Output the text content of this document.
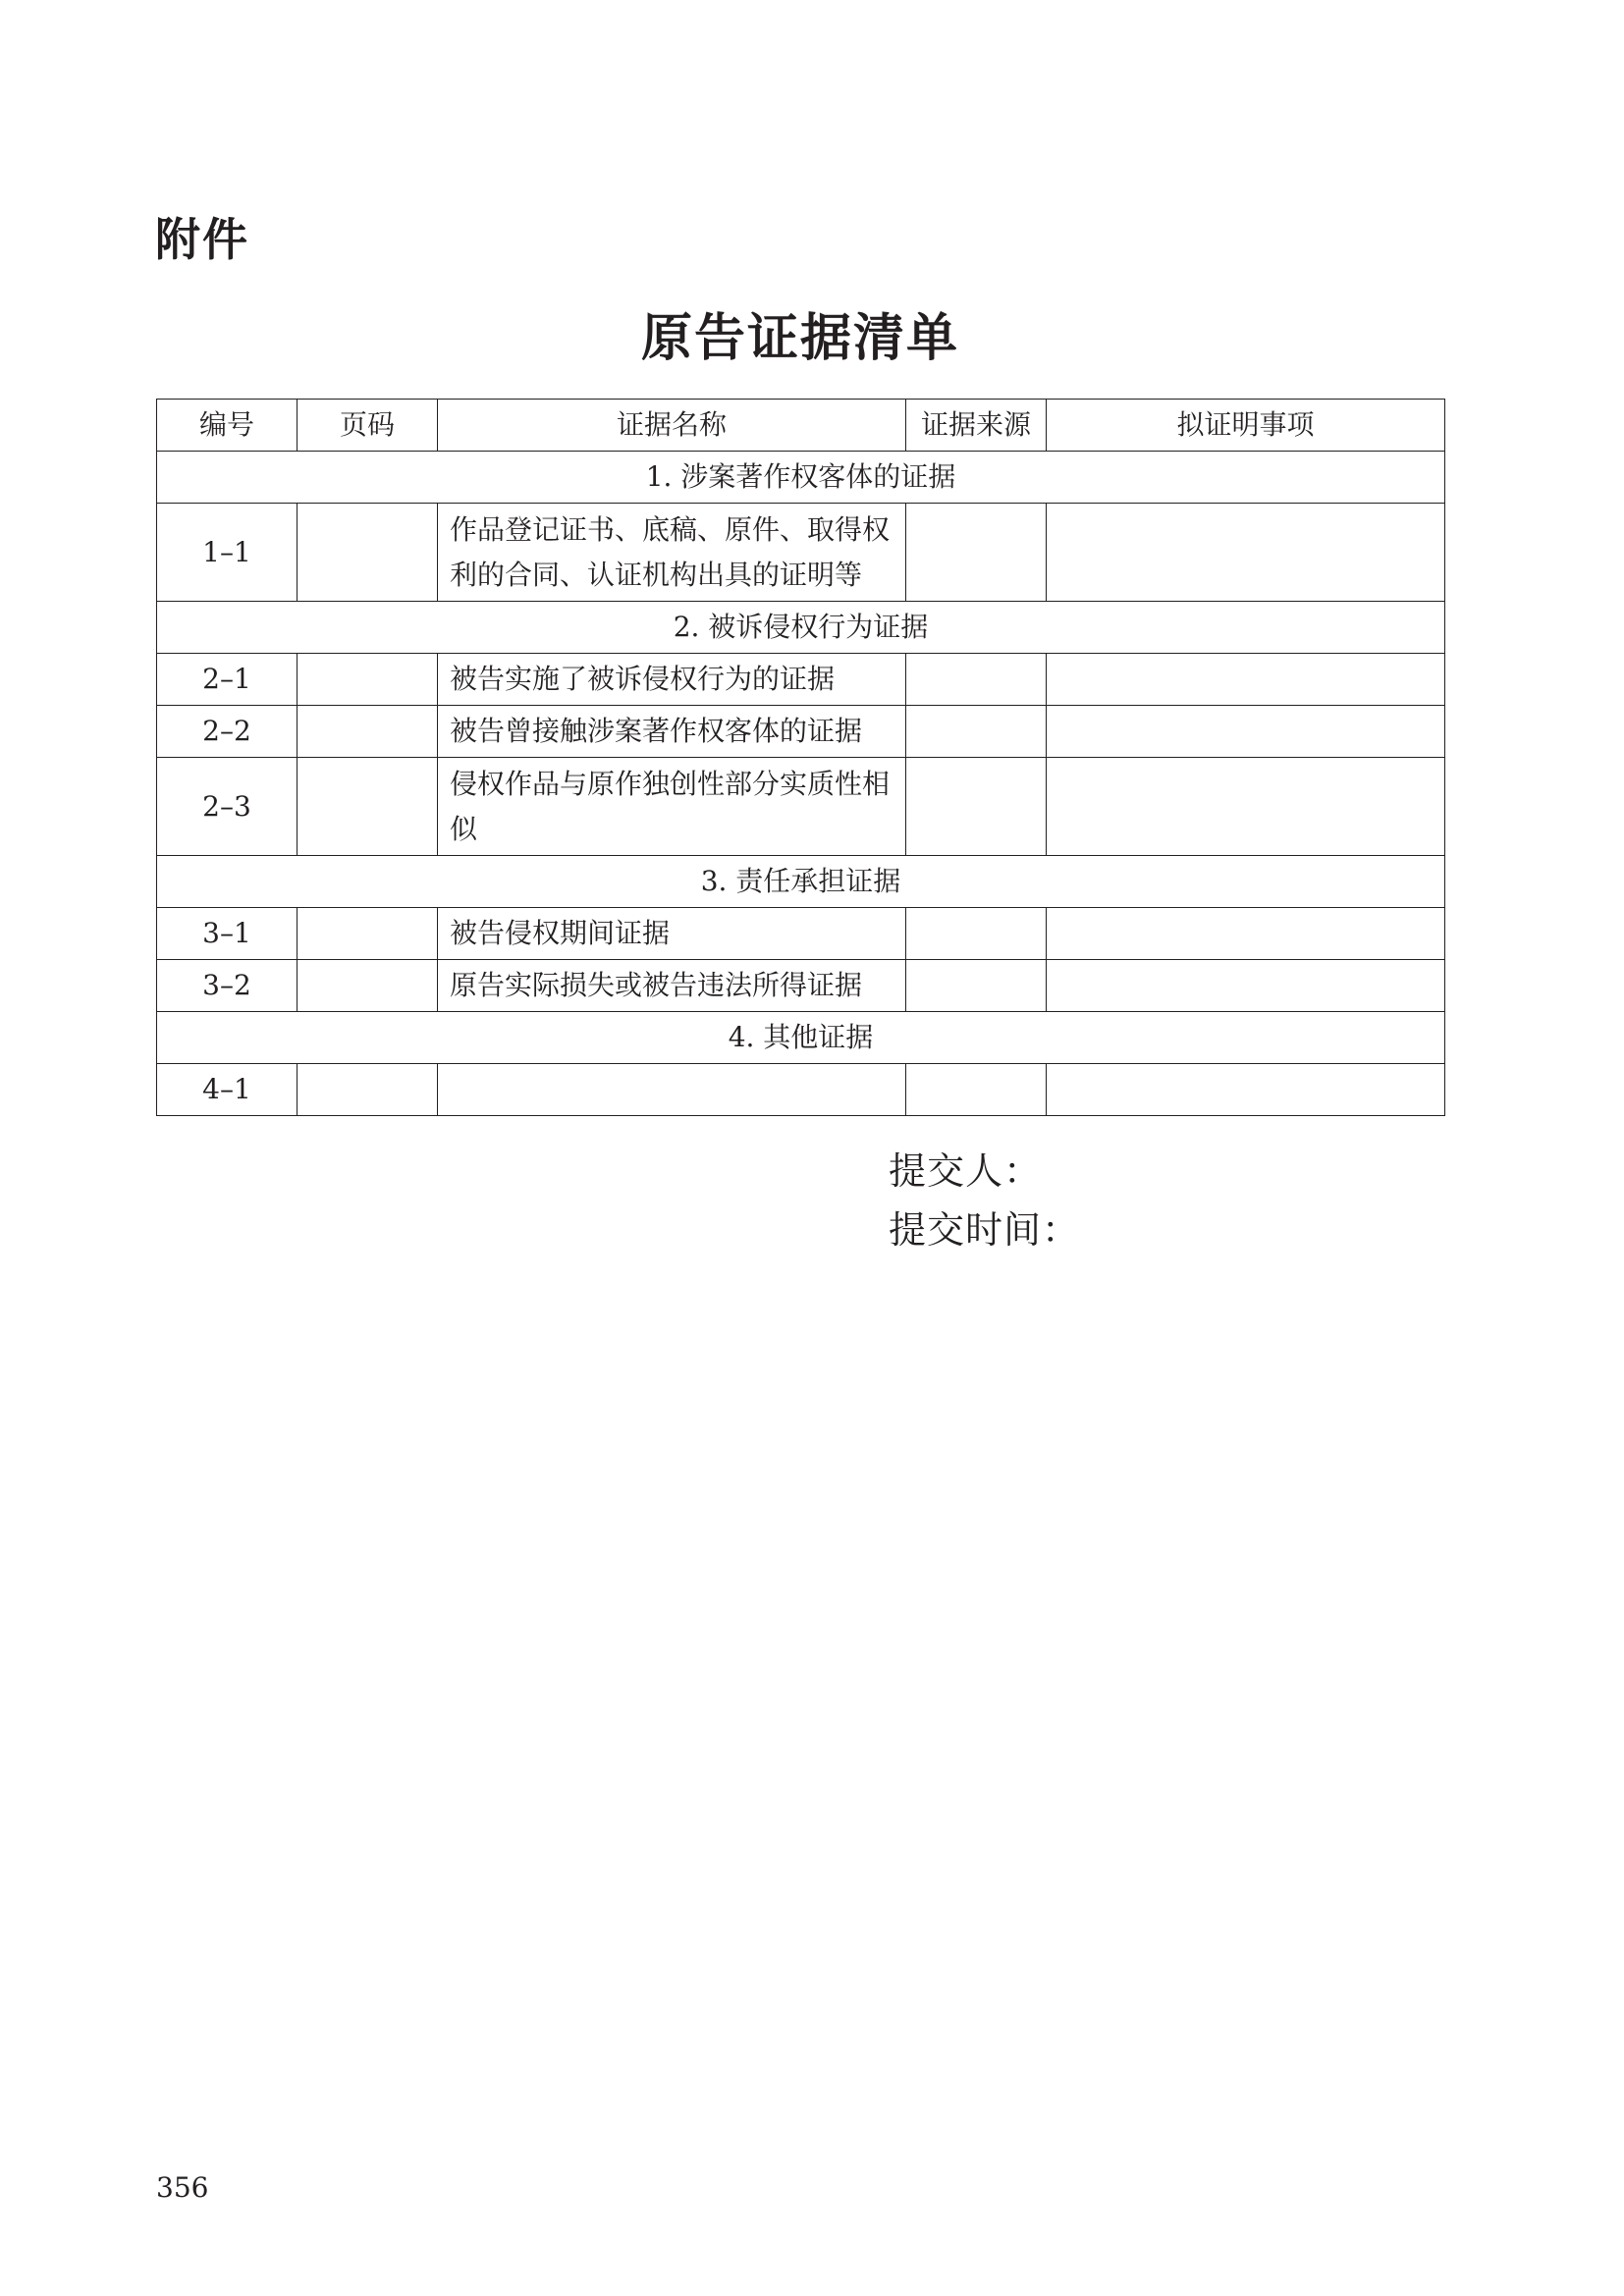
附件
原告证据清单
编号	页码	证据名称	证据来源	拟证明事项
1. 涉案著作权客体的证据				
1–1		作品登记证书、底稿、原件、取得权利的合同、认证机构出具的证明等		
2. 被诉侵权行为证据				
2–1		被告实施了被诉侵权行为的证据		
2–2		被告曾接触涉案著作权客体的证据		
2–3		侵权作品与原作独创性部分实质性相似		
3. 责任承担证据				
3–1		被告侵权期间证据		
3–2		原告实际损失或被告违法所得证据		
4. 其他证据				
4–1				
提交人：
提交时间：
356
